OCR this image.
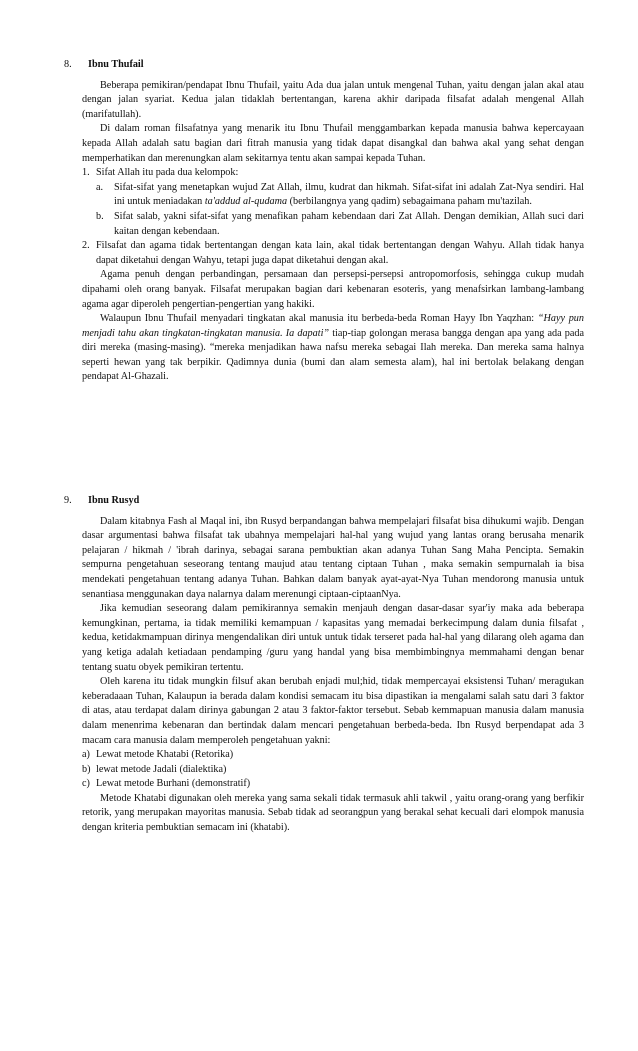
8. Ibnu Thufail

Beberapa pemikiran/pendapat Ibnu Thufail, yaitu Ada dua jalan untuk mengenal Tuhan, yaitu dengan jalan akal atau dengan jalan syariat. Kedua jalan tidaklah bertentangan, karena akhir daripada filsafat adalah mengenal Allah (marifatullah).

Di dalam roman filsafatnya yang menarik itu Ibnu Thufail menggambarkan kepada manusia bahwa kepercayaan kepada Allah adalah satu bagian dari fitrah manusia yang tidak dapat disangkal dan bahwa akal yang sehat dengan memperhatikan dan merenungkan alam sekitarnya tentu akan sampai kepada Tuhan.

1. Sifat Allah itu pada dua kelompok:
a. Sifat-sifat yang menetapkan wujud Zat Allah, ilmu, kudrat dan hikmah. Sifat-sifat ini adalah Zat-Nya sendiri. Hal ini untuk meniadakan ta'addud al-qudama (berbilangnya yang qadim) sebagaimana paham mu'tazilah.
b. Sifat salab, yakni sifat-sifat yang menafikan paham kebendaan dari Zat Allah. Dengan demikian, Allah suci dari kaitan dengan kebendaan.
2. Filsafat dan agama tidak bertentangan dengan kata lain, akal tidak bertentangan dengan Wahyu. Allah tidak hanya dapat diketahui dengan Wahyu, tetapi juga dapat diketahui dengan akal.

Agama penuh dengan perbandingan, persamaan dan persepsi-persepsi antropomorfosis, sehingga cukup mudah dipahami oleh orang banyak. Filsafat merupakan bagian dari kebenaran esoteris, yang menafsirkan lambang-lambang agama agar diperoleh pengertian-pengertian yang hakiki.

Walaupun Ibnu Thufail menyadari tingkatan akal manusia itu berbeda-beda Roman Hayy Ibn Yaqzhan: “Hayy pun menjadi tahu akan tingkatan-tingkatan manusia. Ia dapati” tiap-tiap golongan merasa bangga dengan apa yang ada pada diri mereka (masing-masing). “mereka menjadikan hawa nafsu mereka sebagai Ilah mereka. Dan mereka sama halnya seperti hewan yang tak berpikir. Qadimnya dunia (bumi dan alam semesta alam), hal ini bertolak belakang dengan pendapat Al-Ghazali.

9. Ibnu Rusyd

Dalam kitabnya Fash al Maqal ini, ibn Rusyd berpandangan bahwa mempelajari filsafat bisa dihukumi wajib. Dengan dasar argumentasi bahwa filsafat tak ubahnya mempelajari hal-hal yang wujud yang lantas orang berusaha menarik pelajaran / hikmah / 'ibrah darinya, sebagai sarana pembuktian akan adanya Tuhan Sang Maha Pencipta. Semakin sempurna pengetahuan seseorang tentang maujud atau tentang ciptaan Tuhan , maka semakin sempurnalah ia bisa mendekati pengetahuan tentang adanya Tuhan. Bahkan dalam banyak ayat-ayat-Nya Tuhan mendorong manusia untuk senantiasa menggunakan daya nalarnya dalam merenungi ciptaan-ciptaanNya.

Jika kemudian seseorang dalam pemikirannya semakin menjauh dengan dasar-dasar syar'iy maka ada beberapa kemungkinan, pertama, ia tidak memiliki kemampuan / kapasitas yang memadai berkecimpung dalam dunia filsafat , kedua, ketidakmampuan dirinya mengendalikan diri untuk untuk tidak terseret pada hal-hal yang dilarang oleh agama dan yang ketiga adalah ketiadaan pendamping /guru yang handal yang bisa membimbingnya memmahami dengan benar tentang suatu obyek pemikiran tertentu.

Oleh karena itu tidak mungkin filsuf akan berubah enjadi mul;hid, tidak mempercayai eksistensi Tuhan/ meragukan keberadaaan Tuhan, Kalaupun ia berada dalam kondisi semacam itu bisa dipastikan ia mengalami salah satu dari 3 faktor di atas, atau terdapat dalam dirinya gabungan 2 atau 3 faktor-faktor tersebut. Sebab kemmapuan manusia dalam manusia dalam menenrima kebenaran dan bertindak dalam mencari pengetahuan berbeda-beda. Ibn Rusyd berpendapat ada 3 macam cara manusia dalam memperoleh pengetahuan yakni:

a) Lewat metode Khatabi (Retorika)
b) lewat metode Jadali (dialektika)
c) Lewat metode Burhani (demonstratif)

Metode Khatabi digunakan oleh mereka yang sama sekali tidak termasuk ahli takwil , yaitu orang-orang yang berfikir retorik, yang merupakan mayoritas manusia. Sebab tidak ad seorangpun yang berakal sehat kecuali dari elompok manusia dengan kriteria pembuktian semacam ini (khatabi).
